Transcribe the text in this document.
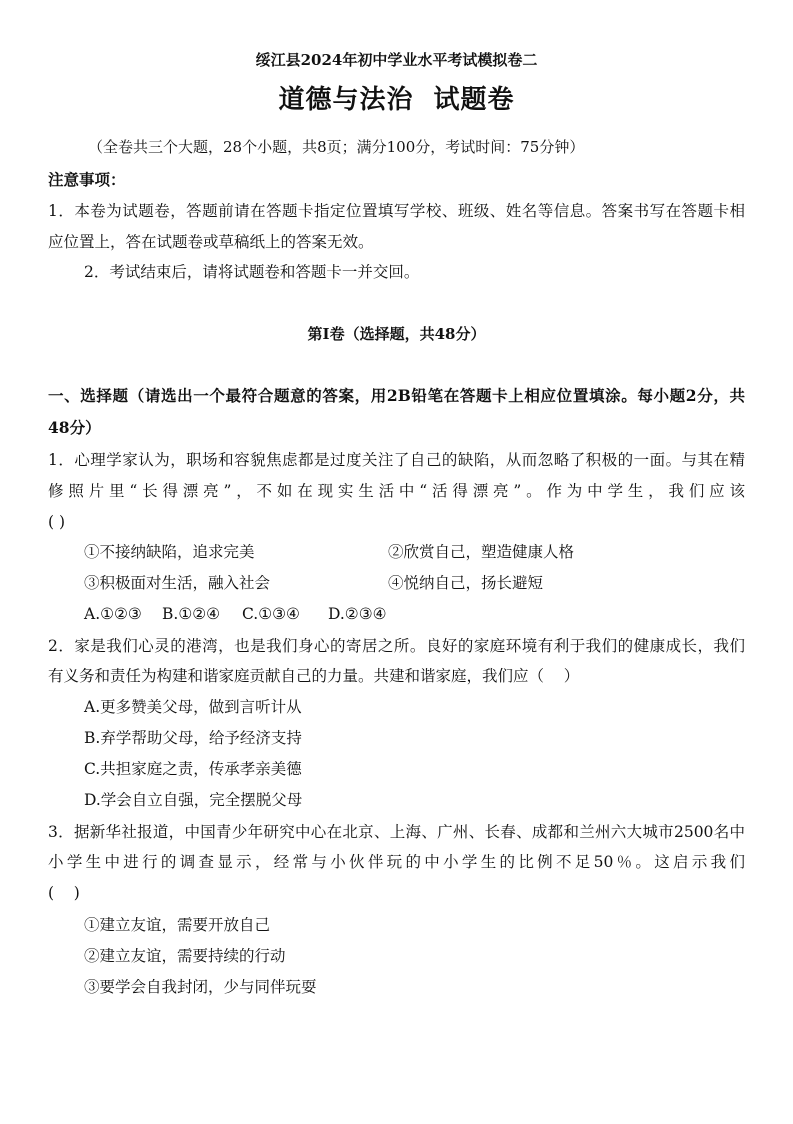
绥江县2024年初中学业水平考试模拟卷二
道德与法治  试题卷
（全卷共三个大题，28个小题，共8页；满分100分，考试时间：75分钟）
注意事项：
1．本卷为试题卷，答题前请在答题卡指定位置填写学校、班级、姓名等信息。答案书写在答题卡相
应位置上，答在试题卷或草稿纸上的答案无效。
2．考试结束后，请将试题卷和答题卡一并交回。
第Ⅰ卷（选择题，共48分）
一、选择题（请选出一个最符合题意的答案，用2B铅笔在答题卡上相应位置填涂。每小题2分，共
48分）
1．心理学家认为，职场和容貌焦虑都是过度关注了自己的缺陷，从而忽略了积极的一面。与其在精
修照片里“长得漂亮”，不如在现实生活中“活得漂亮”。作为中学生，我们应该
( )
①不接纳缺陷，追求完美	②欣赏自己，塑造健康人格
③积极面对生活，融入社会	④悦纳自己，扬长避短
A.①②③ B.①②④ C.①③④ D.②③④
2．家是我们心灵的港湾，也是我们身心的寄居之所。良好的家庭环境有利于我们的健康成长，我们
有义务和责任为构建和谐家庭贡献自己的力量。共建和谐家庭，我们应（    ）
A.更多赞美父母，做到言听计从
B.弃学帮助父母，给予经济支持
C.共担家庭之责，传承孝亲美德
D.学会自立自强，完全摆脱父母
3．据新华社报道，中国青少年研究中心在北京、上海、广州、长春、成都和兰州六大城市2500名中
小学生中进行的调查显示，经常与小伙伴玩的中小学生的比例不足50％。这启示我们
(    )
①建立友谊，需要开放自己
②建立友谊，需要持续的行动
③要学会自我封闭，少与同伴玩耍
